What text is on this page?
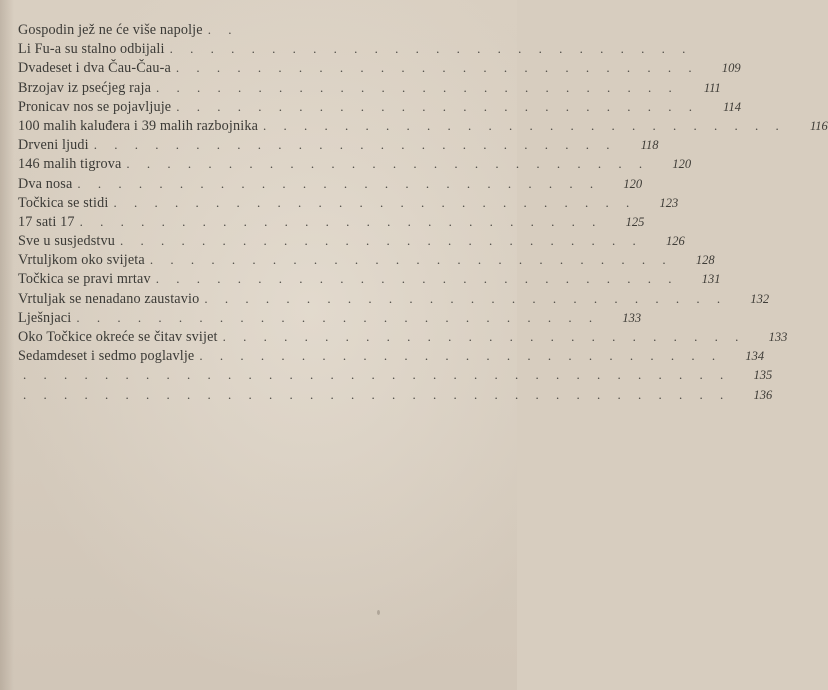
Gospodin jež ne će više napolje . .
Li Fu-a su stalno odbijali . . . . . . . . . . . . . . . . . . . . . . . . . .
Dvadeset i dva Čau-Čau-a . . . . . . . . . . . . . . . . . . . . . . . . . .	109
Brzojav iz psećjeg raja . . . . . . . . . . . . . . . . . . . . . . . . . .	111
Pronicav nos se pojavljuje . . . . . . . . . . . . . . . . . . . . . . . . . .	114
100 malih kaluđera i 39 malih razbojnika . . . . . . . . . . . . . . . . . . . . . . . . . .	116
Drveni ljudi . . . . . . . . . . . . . . . . . . . . . . . . . .	118
146 malih tigrova . . . . . . . . . . . . . . . . . . . . . . . . . .	120
Dva nosa . . . . . . . . . . . . . . . . . . . . . . . . . .	120
Točkica se stidi . . . . . . . . . . . . . . . . . . . . . . . . . .	123
17 sati 17 . . . . . . . . . . . . . . . . . . . . . . . . . .	125
Sve u susjedstvu . . . . . . . . . . . . . . . . . . . . . . . . . .	126
Vrtuljkom oko svijeta . . . . . . . . . . . . . . . . . . . . . . . . . .	128
Točkica se pravi mrtav . . . . . . . . . . . . . . . . . . . . . . . . . .	131
Vrtuljak se nenadano zaustavio . . . . . . . . . . . . . . . . . . . . . . . . . .	132
Lješnjaci . . . . . . . . . . . . . . . . . . . . . . . . . .	133
Oko Točkice okreće se čitav svijet . . . . . . . . . . . . . . . . . . . . . . . . . .	133
Sedamdeset i sedmo poglavlje . . . . . . . . . . . . . . . . . . . . . . . . . .	134
. . . . . . . . . . . . . . . . . . . . . . . . . . . . . . . . . . .	135
. . . . . . . . . . . . . . . . . . . . . . . . . . . . . . . . . . .	136
